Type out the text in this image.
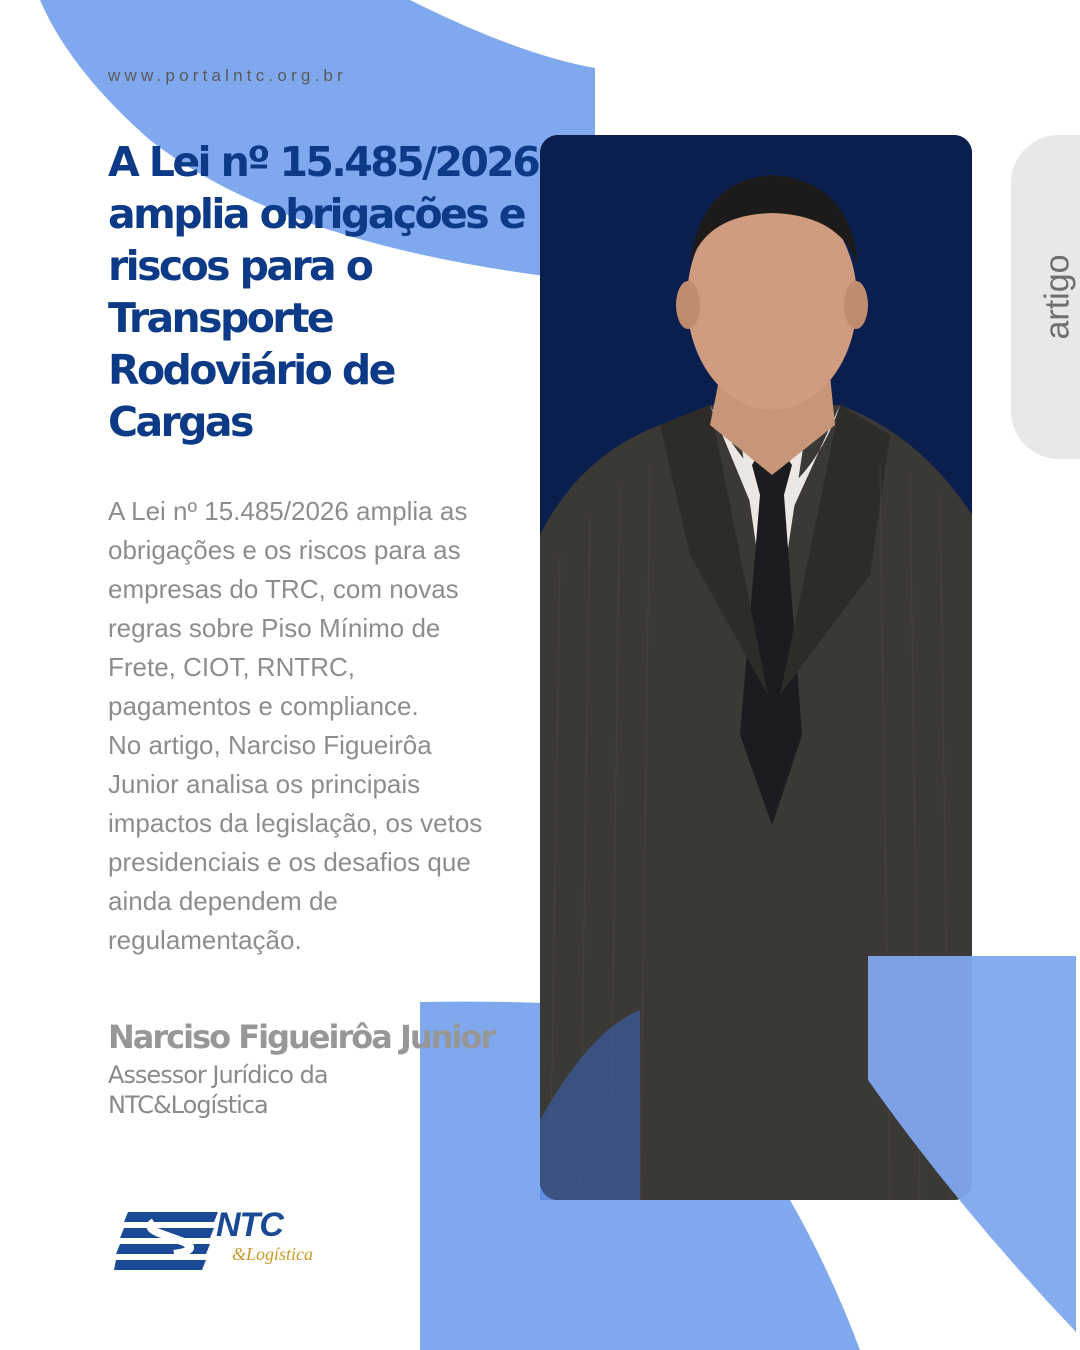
www.portalntc.org.br
A Lei nº 15.485/2026 amplia obrigações e riscos para o Transporte Rodoviário de Cargas

A Lei nº 15.485/2026 amplia as
obrigações e os riscos para as
empresas do TRC, com novas
regras sobre Piso Mínimo de
Frete, CIOT, RNTRC,
pagamentos e compliance.
No artigo, Narciso Figueirôa
Junior analisa os principais
impactos da legislação, os vetos
presidenciais e os desafios que
ainda dependem de
regulamentação.

artigo
Narciso Figueirôa Junior

Assessor Jurídico da NTC&Logística

NTC
&Logística
